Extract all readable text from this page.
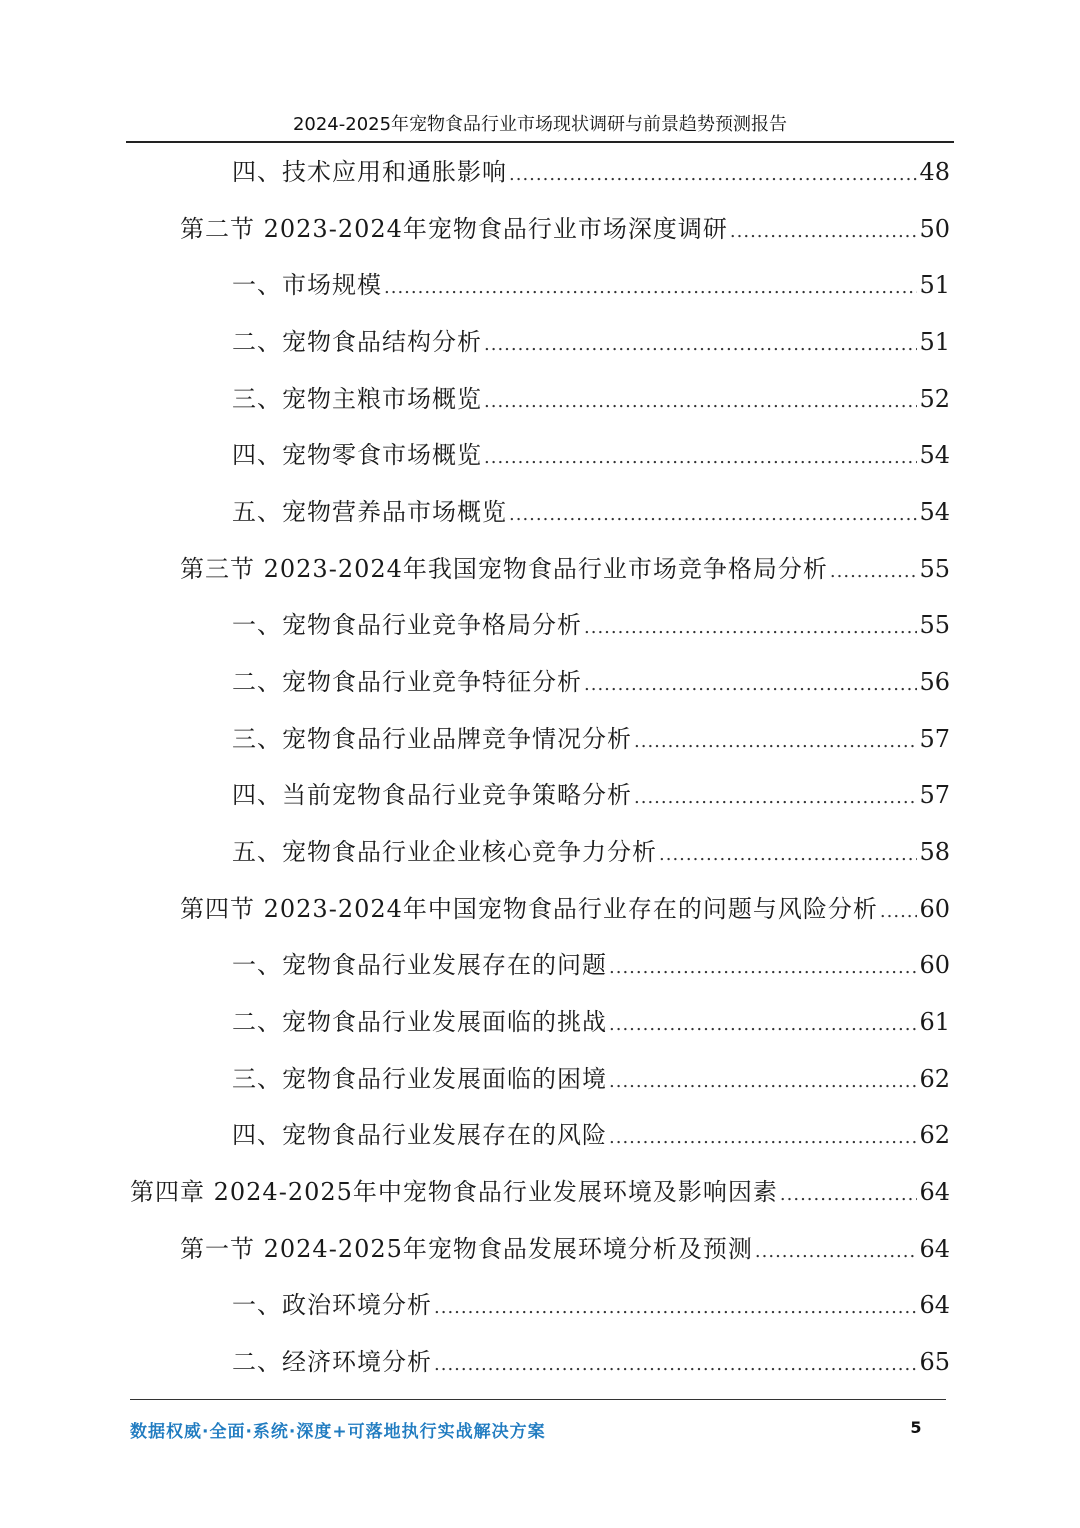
2024-2025年宠物食品行业市场现状调研与前景趋势预测报告
四、技术应用和通胀影响 .....	48
第二节 2023-2024年宠物食品行业市场深度调研 .....	50
一、市场规模 .....	51
二、宠物食品结构分析 .....	51
三、宠物主粮市场概览 .....	52
四、宠物零食市场概览 .....	54
五、宠物营养品市场概览 .....	54
第三节 2023-2024年我国宠物食品行业市场竞争格局分析 .....	55
一、宠物食品行业竞争格局分析 .....	55
二、宠物食品行业竞争特征分析 .....	56
三、宠物食品行业品牌竞争情况分析 .....	57
四、当前宠物食品行业竞争策略分析 .....	57
五、宠物食品行业企业核心竞争力分析 .....	58
第四节 2023-2024年中国宠物食品行业存在的问题与风险分析 ..... 60
一、宠物食品行业发展存在的问题 .....	60
二、宠物食品行业发展面临的挑战 .....	61
三、宠物食品行业发展面临的困境 .....	62
四、宠物食品行业发展存在的风险 .....	62
第四章 2024-2025年中宠物食品行业发展环境及影响因素 .....	64
第一节 2024-2025年宠物食品发展环境分析及预测 .....	64
一、政治环境分析 .....	64
二、经济环境分析 .....	65
数据权威·全面·系统·深度+可落地执行实战解决方案	5
